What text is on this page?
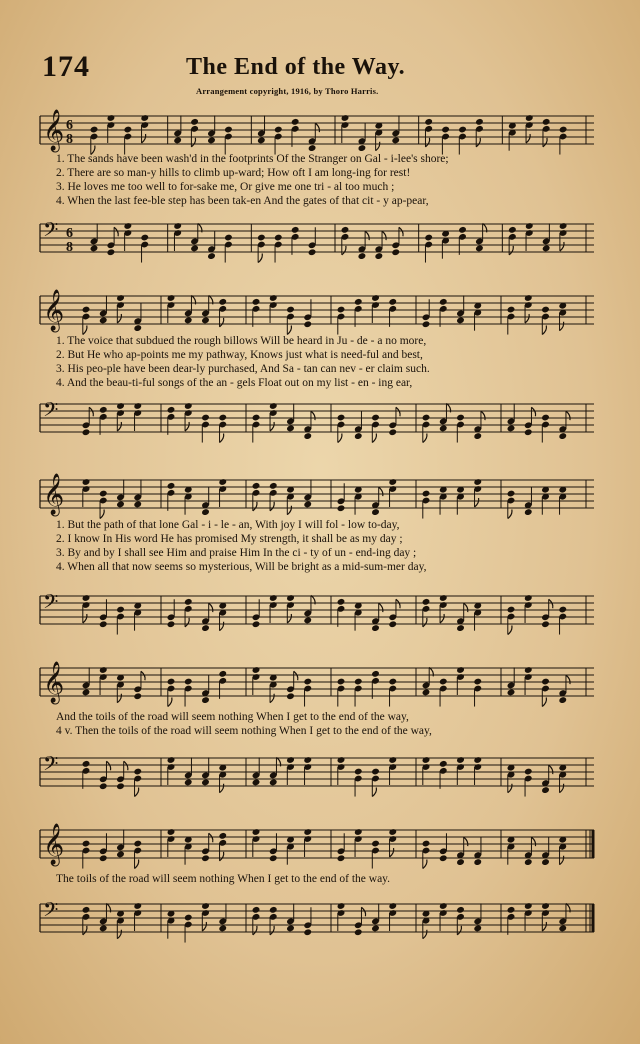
174	The End of the Way.
Arrangement copyright, 1916, by Thoro Harris.
𝄞 6
8
1. The sands have been wash'd in the footprints Of the Stranger on Gal - i-lee's shore;
2. There are so man-y hills to climb up-ward; How oft I am long-ing for rest!
3. He loves me too well to for-sake me, Or give me one tri - al too much ;
4. When the last fee-ble step has been tak-en And the gates of that cit - y ap-pear,
𝄢 6
8
𝄞
1. The voice that subdued the rough billows Will be heard in Ju - de - a no more,
2. But He who ap-points me my pathway, Knows just what is need-ful and best,
3. His peo-ple have been dear-ly purchased, And Sa - tan can nev - er claim such.
4. And the beau-ti-ful songs of the an - gels Float out on my list - en - ing ear,
𝄢
𝄞
1. But the path of that lone Gal - i - le - an, With joy I will fol - low to-day,
2. I know In His word He has promised My strength, it shall be as my day ;
3. By and by I shall see Him and praise Him In the ci - ty of un - end-ing day ;
4. When all that now seems so mysterious, Will be bright as a mid-sum-mer day,
𝄢
𝄞
And the toils of the road will seem nothing When I get to the end of the way,
4 v. Then the toils of the road will seem nothing When I get to the end of the way,
𝄢
𝄞
The toils of the road will seem nothing When I get to the end of the way.
𝄢
